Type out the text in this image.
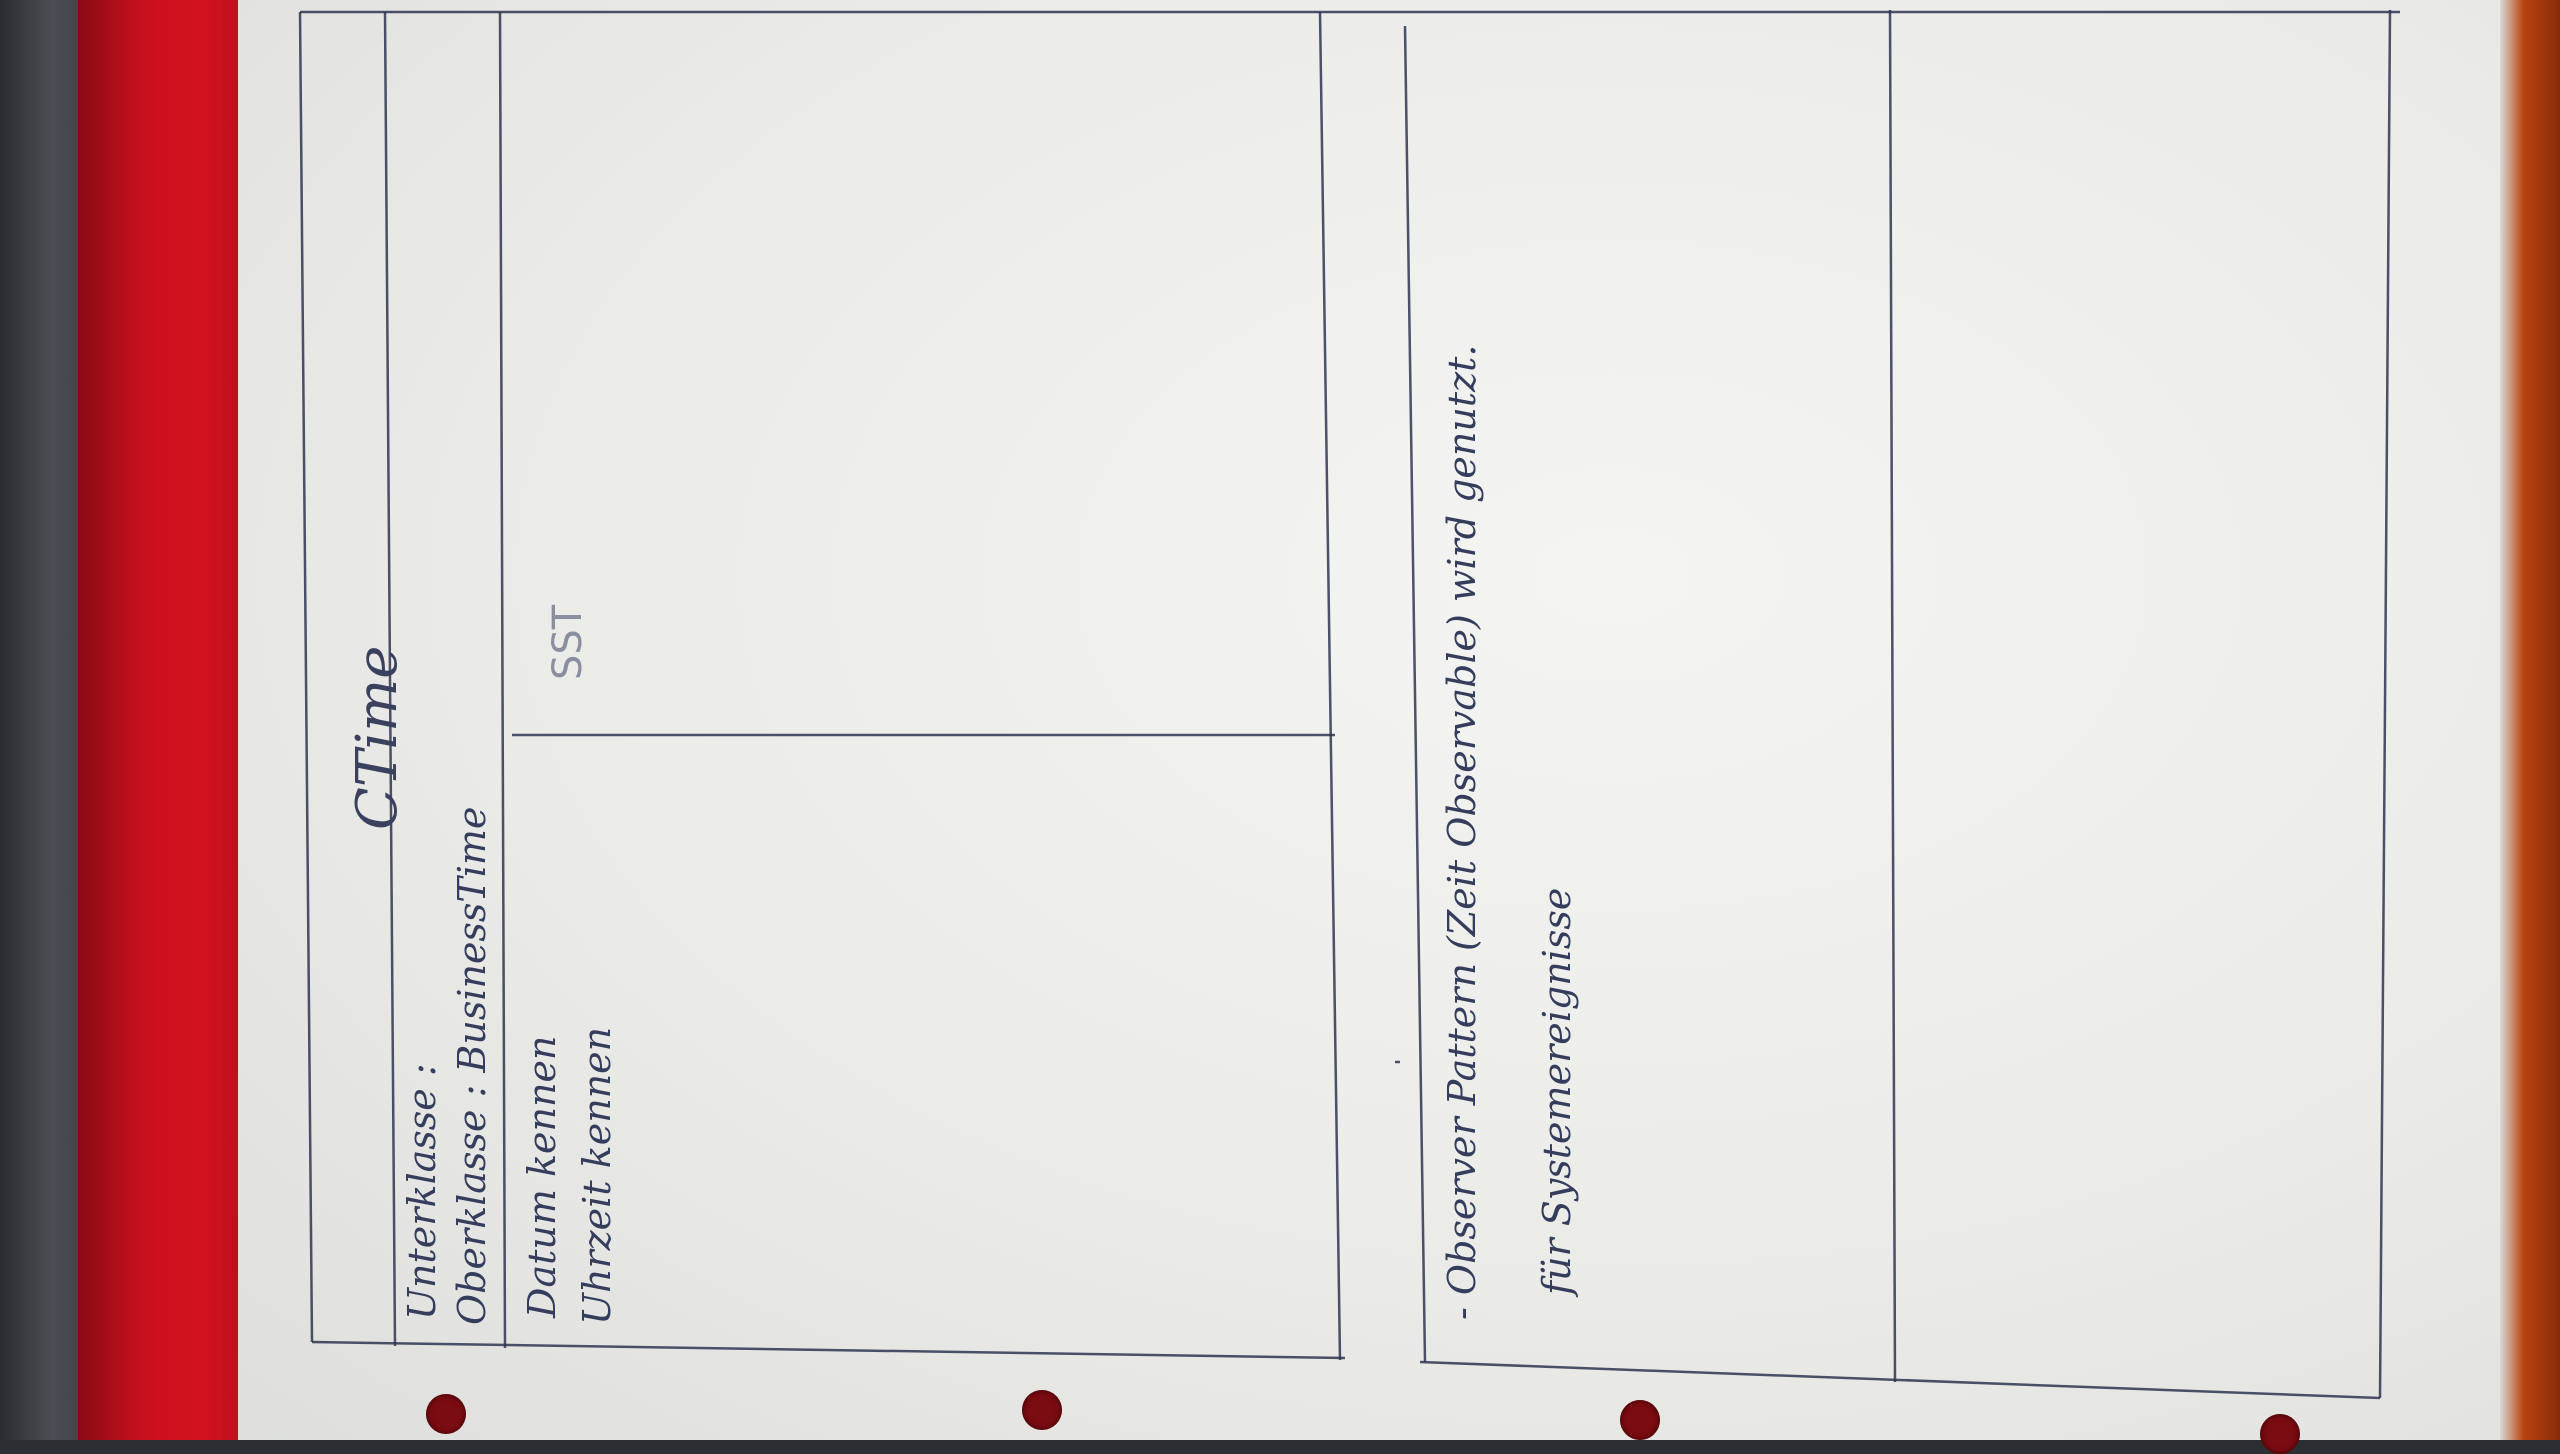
CTime
Unterklasse : Oberklasse : BusinessTime Datum kennen Uhrzeit kennen
SST	- Observer Pattern (Zeit Observable) wird genutzt. für Systemereignisse
